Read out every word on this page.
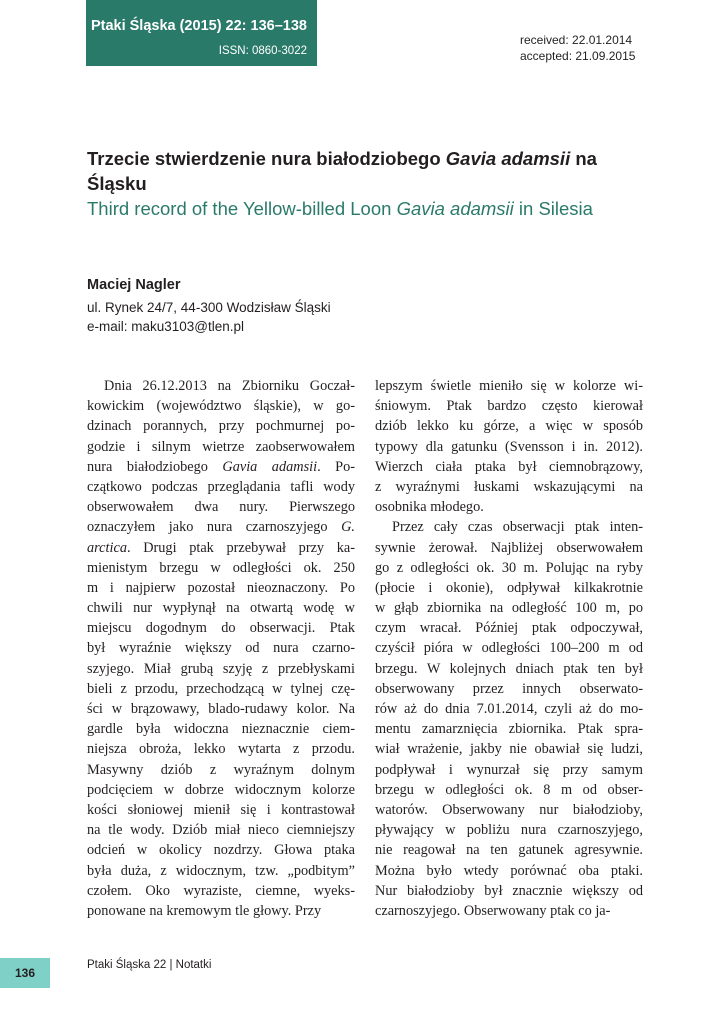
Ptaki Śląska (2015) 22: 136–138
ISSN: 0860-3022
received: 22.01.2014
accepted: 21.09.2015
Trzecie stwierdzenie nura białodziobego Gavia adamsii na Śląsku
Third record of the Yellow-billed Loon Gavia adamsii in Silesia
Maciej Nagler
ul. Rynek 24/7, 44-300 Wodzisław Śląski
e-mail: maku3103@tlen.pl
Dnia 26.12.2013 na Zbiorniku Goczał-
kowickim (województwo śląskie), w go-
dzinach porannych, przy pochmurnej po-
godzie i silnym wietrze zaobserwowałem
nura białodziobego Gavia adamsii. Po-
czątkowo podczas przeglądania tafli wody
obserwowałem dwa nury. Pierwszego
oznaczyłem jako nura czarnoszyjego G.
arctica. Drugi ptak przebywał przy ka-
mienistym brzegu w odległości ok. 250
m i najpierw pozostał nieoznaczony. Po
chwili nur wypłynął na otwartą wodę w
miejscu dogodnym do obserwacji. Ptak
był wyraźnie większy od nura czarno-
szyjego. Miał grubą szyję z przebłyskami
bieli z przodu, przechodzącą w tylnej czę-
ści w brązowawy, blado-rudawy kolor. Na
gardle była widoczna nieznacznie ciem-
niejsza obroża, lekko wytarta z przodu.
Masywny dziób z wyraźnym dolnym
podcięciem w dobrze widocznym kolorze
kości słoniowej mienił się i kontrastował
na tle wody. Dziób miał nieco ciemniejszy
odcień w okolicy nozdrzy. Głowa ptaka
była duża, z widocznym, tzw. „podbitym”
czołem. Oko wyraziste, ciemne, wyeks-
ponowane na kremowym tle głowy. Przy
lepszym świetle mieniło się w kolorze wi-
śniowym. Ptak bardzo często kierował
dziób lekko ku górze, a więc w sposób
typowy dla gatunku (Svensson i in. 2012).
Wierzch ciała ptaka był ciemnobrązowy,
z wyraźnymi łuskami wskazującymi na
osobnika młodego.
Przez cały czas obserwacji ptak inten-
sywnie żerował. Najbliżej obserwowałem
go z odległości ok. 30 m. Polując na ryby
(płocie i okonie), odpływał kilkakrotnie
w głąb zbiornika na odległość 100 m, po
czym wracał. Później ptak odpoczywał,
czyścił pióra w odległości 100–200 m od
brzegu. W kolejnych dniach ptak ten był
obserwowany przez innych obserwato-
rów aż do dnia 7.01.2014, czyli aż do mo-
mentu zamarznięcia zbiornika. Ptak spra-
wiał wrażenie, jakby nie obawiał się ludzi,
podpływał i wynurzał się przy samym
brzegu w odległości ok. 8 m od obser-
watorów. Obserwowany nur białodzioby,
pływający w pobliżu nura czarnoszyjego,
nie reagował na ten gatunek agresywnie.
Można było wtedy porównać oba ptaki.
Nur białodzioby był znacznie większy od
czarnoszyjego. Obserwowany ptak co ja-
136
Ptaki Śląska 22 | Notatki
